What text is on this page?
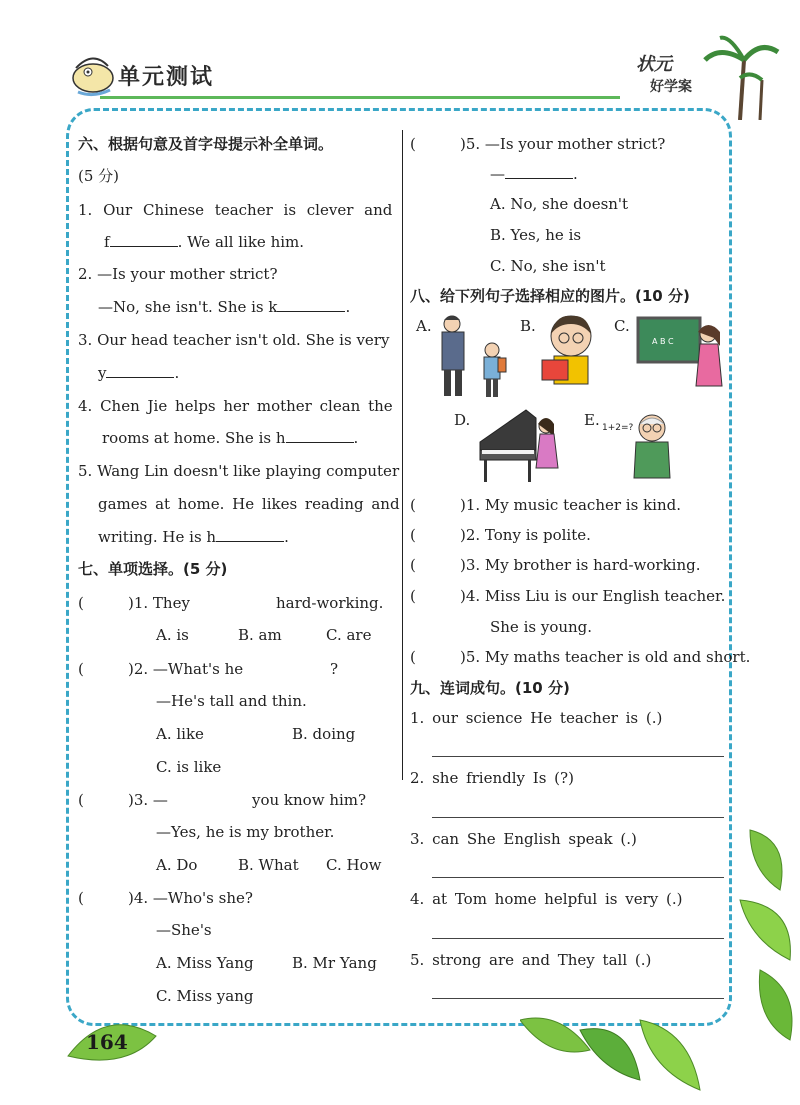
单元测试
状元
好学案
六、根据句意及首字母提示补全单词。
(5 分)
1. Our Chinese teacher is clever and
f	. We all like him.
2. —Is your mother strict?
—No, she isn't. She is k	.
3. Our head teacher isn't old. She is very
y	.
4. Chen Jie helps her mother clean the
rooms at home. She is h	.
5. Wang Lin doesn't like playing computer
games at home. He likes reading and
writing. He is h	.
七、单项选择。(5 分)
( )1. They	hard-working.
A. is	B. am	C. are
( )2. —What's he	?
—He's tall and thin.
A. like	B. doing
C. is like
( )3. —	you know him?
—Yes, he is my brother.
A. Do	B. What C. How
( )4. —Who's she?
—She's
A. Miss Yang	B. Mr Yang
C. Miss yang
( )5. —Is your mother strict?
—	.
A. No, she doesn't
B. Yes, he is
C. No, she isn't
八、给下列句子选择相应的图片。(10 分)
A.	B.	C.
A B C
D.	E. 1+2=?
( )1. My music teacher is kind.
( )2. Tony is polite.
( )3. My brother is hard-working.
( )4. Miss Liu is our English teacher.
She is young.
( )5. My maths teacher is old and short.
九、连词成句。(10 分)
1. our science He teacher is (.)
2. she friendly Is (?)
3. can She English speak (.)
4. at Tom home helpful is very (.)
5. strong are and They tall (.)
164
